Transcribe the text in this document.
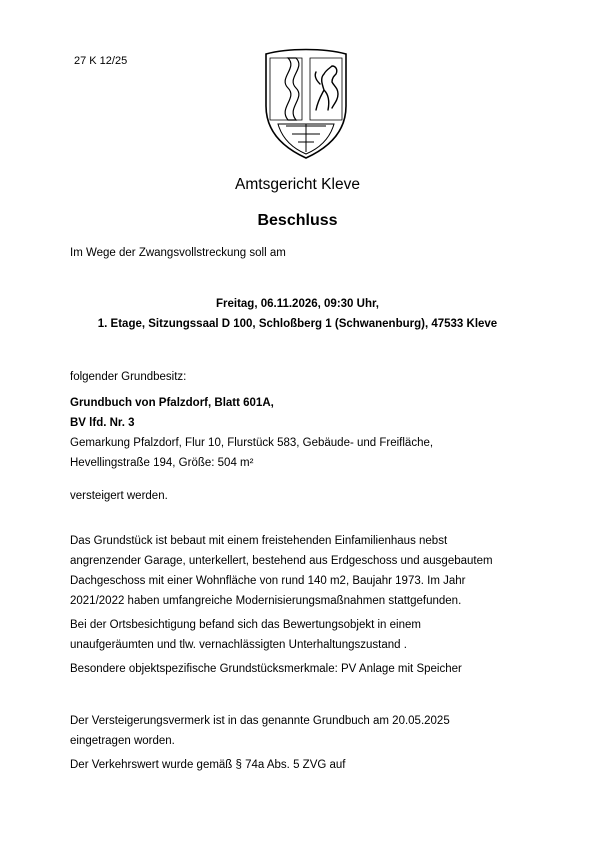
27 K 12/25
Amtsgericht Kleve
Beschluss
Im Wege der Zwangsvollstreckung soll am
Freitag, 06.11.2026, 09:30 Uhr,
1. Etage, Sitzungssaal D 100, Schloßberg 1 (Schwanenburg), 47533 Kleve
folgender Grundbesitz:
Grundbuch von Pfalzdorf, Blatt 601A,
BV lfd. Nr. 3
Gemarkung Pfalzdorf, Flur 10, Flurstück 583, Gebäude- und Freifläche,
Hevellingstraße 194, Größe: 504 m²
versteigert werden.
Das Grundstück ist bebaut mit einem freistehenden Einfamilienhaus nebst
angrenzender Garage, unterkellert, bestehend aus Erdgeschoss und ausgebautem
Dachgeschoss mit einer Wohnfläche von rund 140 m2, Baujahr 1973. Im Jahr
2021/2022 haben umfangreiche Modernisierungsmaßnahmen stattgefunden.
Bei der Ortsbesichtigung befand sich das Bewertungsobjekt in einem
unaufgeräumten und tlw. vernachlässigten Unterhaltungszustand .
Besondere objektspezifische Grundstücksmerkmale: PV Anlage mit Speicher
Der Versteigerungsvermerk ist in das genannte Grundbuch am 20.05.2025
eingetragen worden.
Der Verkehrswert wurde gemäß § 74a Abs. 5 ZVG auf
